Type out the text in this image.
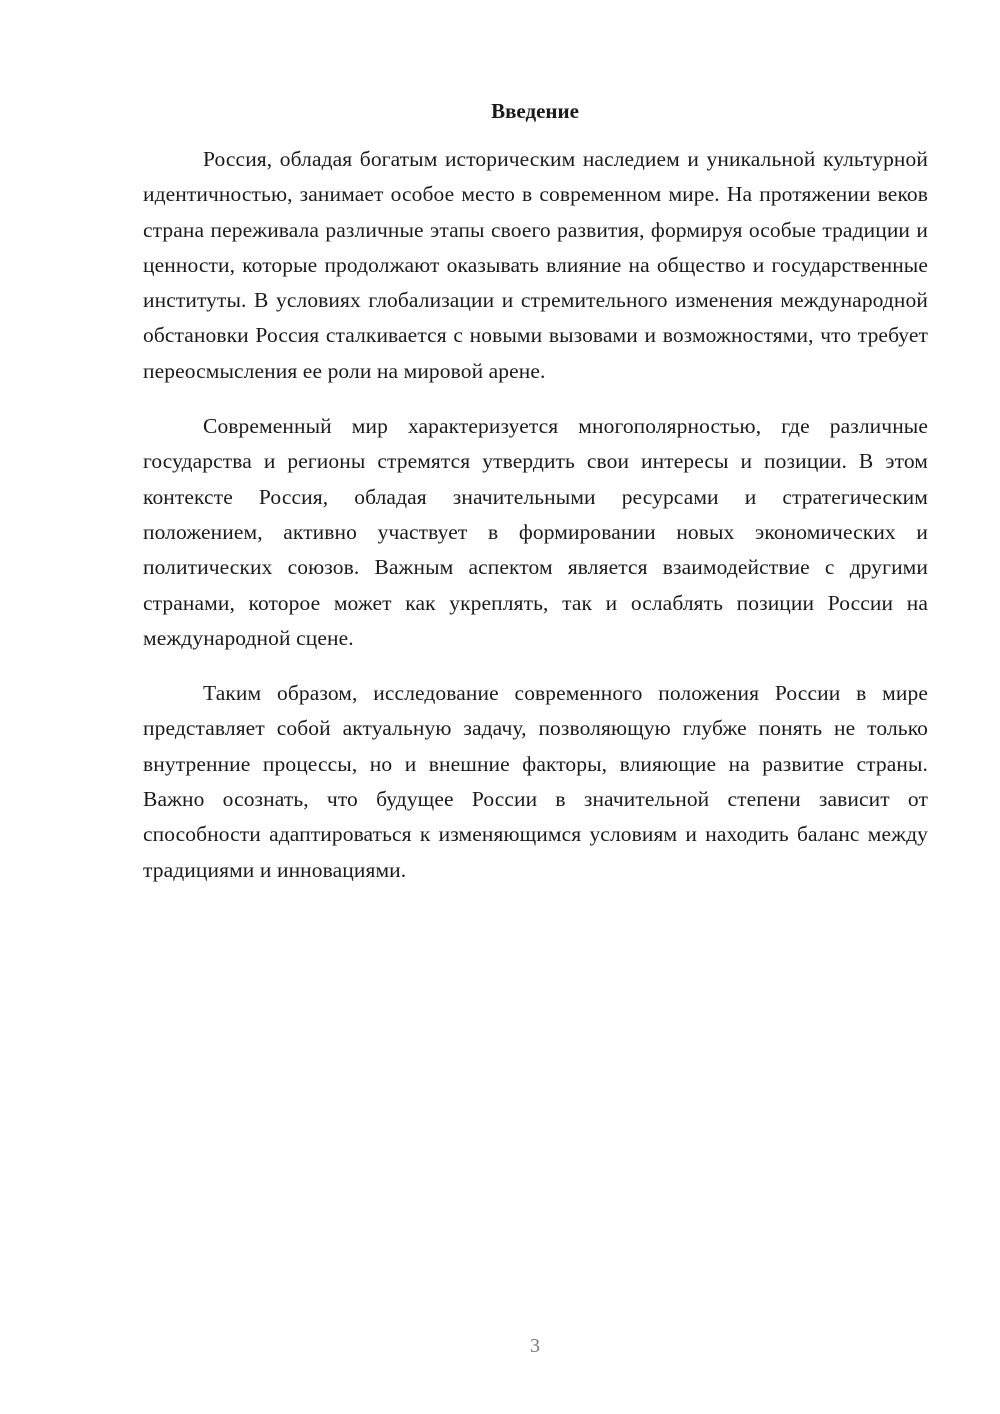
Введение

Россия, обладая богатым историческим наследием и уникальной культурной идентичностью, занимает особое место в современном мире. На протяжении веков страна переживала различные этапы своего развития, формируя особые традиции и ценности, которые продолжают оказывать влияние на общество и государственные институты. В условиях глобализации и стремительного изменения международной обстановки Россия сталкивается с новыми вызовами и возможностями, что требует переосмысления ее роли на мировой арене.

Современный мир характеризуется многополярностью, где различные государства и регионы стремятся утвердить свои интересы и позиции. В этом контексте Россия, обладая значительными ресурсами и стратегическим положением, активно участвует в формировании новых экономических и политических союзов. Важным аспектом является взаимодействие с другими странами, которое может как укреплять, так и ослаблять позиции России на международной сцене.

Таким образом, исследование современного положения России в мире представляет собой актуальную задачу, позволяющую глубже понять не только внутренние процессы, но и внешние факторы, влияющие на развитие страны. Важно осознать, что будущее России в значительной степени зависит от способности адаптироваться к изменяющимся условиям и находить баланс между традициями и инновациями.

3
